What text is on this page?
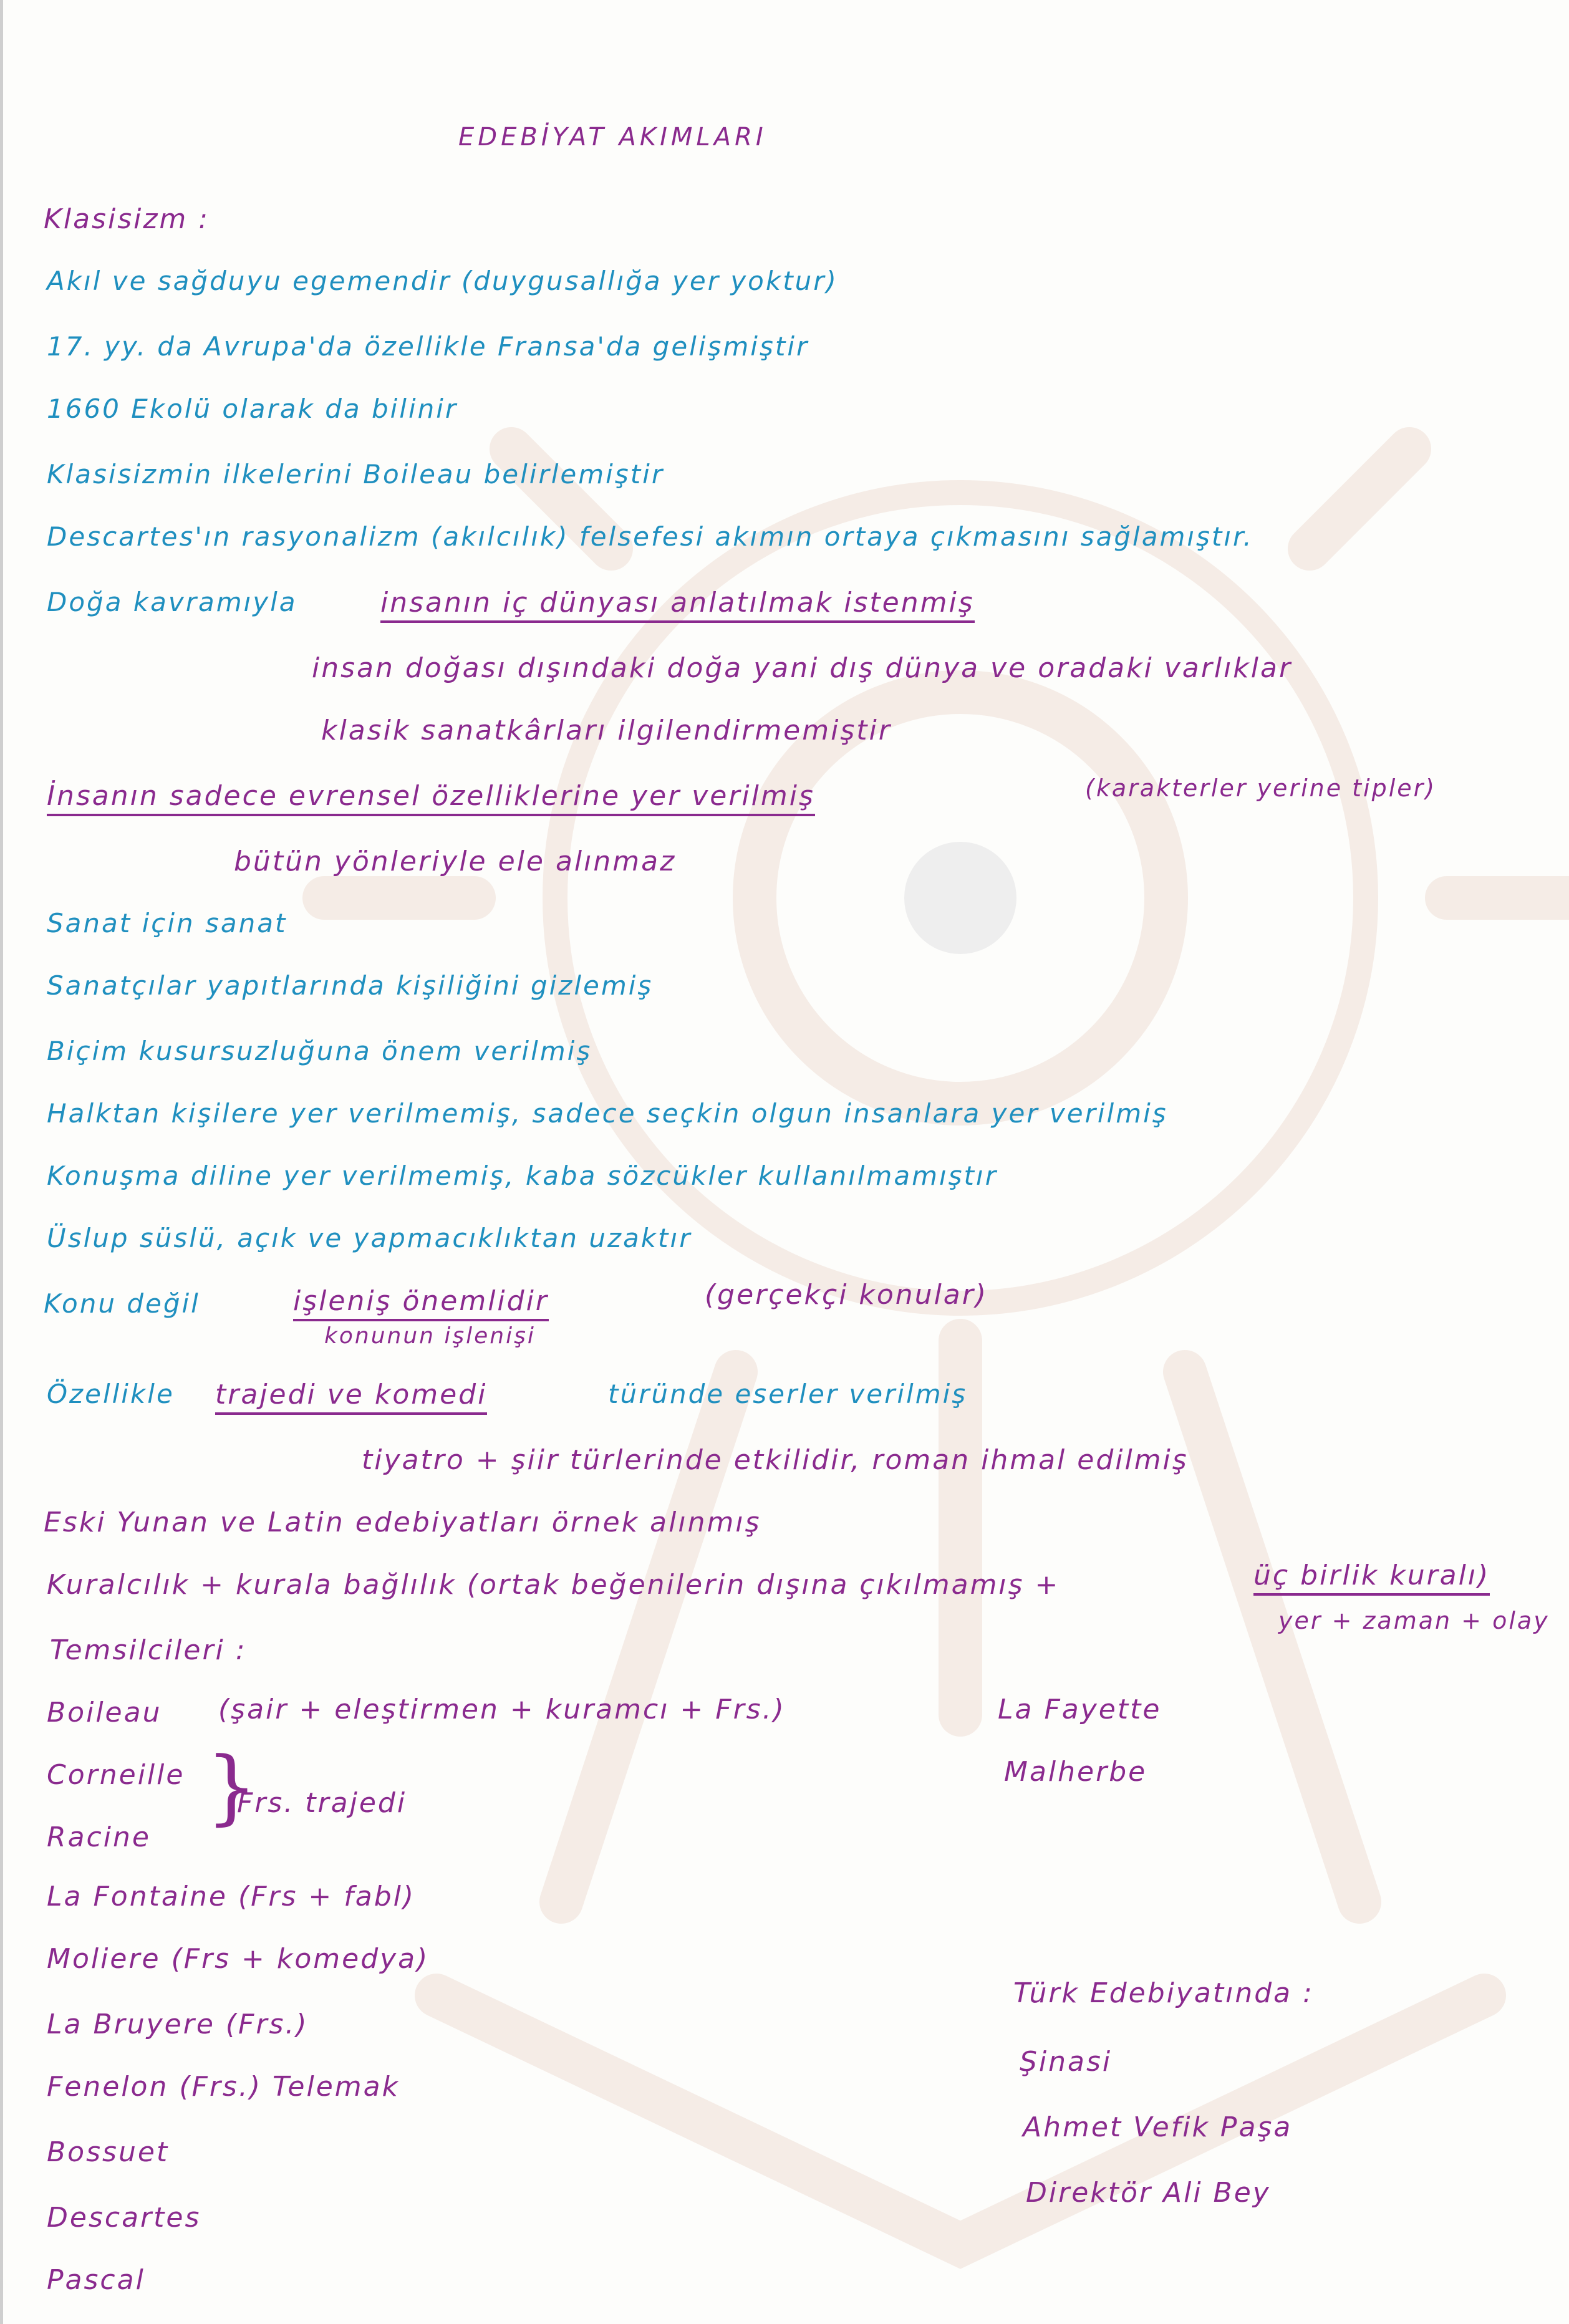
EDEBİYAT AKIMLARI
Klasisizm :
Akıl ve sağduyu egemendir (duygusallığa yer yoktur)
17. yy. da Avrupa'da özellikle Fransa'da gelişmiştir
1660 Ekolü olarak da bilinir
Klasisizmin ilkelerini Boileau belirlemiştir
Descartes'ın rasyonalizm (akılcılık) felsefesi akımın ortaya çıkmasını sağlamıştır.
Doğa kavramıyla	insanın iç dünyası anlatılmak istenmiş
insan doğası dışındaki doğa yani dış dünya ve oradaki varlıklar
klasik sanatkârları ilgilendirmemiştir
İnsanın sadece evrensel özelliklerine yer verilmiş	(karakterler yerine tipler)
bütün yönleriyle ele alınmaz
Sanat için sanat
Sanatçılar yapıtlarında kişiliğini gizlemiş
Biçim kusursuzluğuna önem verilmiş
Halktan kişilere yer verilmemiş, sadece seçkin olgun insanlara yer verilmiş
Konuşma diline yer verilmemiş, kaba sözcükler kullanılmamıştır
Üslup süslü, açık ve yapmacıklıktan uzaktır
Konu değil	işleniş önemlidir	(gerçekçi konular)
konunun işlenişi
Özellikle trajedi ve komedi	türünde eserler verilmiş
tiyatro + şiir türlerinde etkilidir, roman ihmal edilmiş
Eski Yunan ve Latin edebiyatları örnek alınmış
Kuralcılık + kurala bağlılık (ortak beğenilerin dışına çıkılmamış +	üç birlik kuralı)
yer + zaman + olay
Temsilcileri :
Boileau (şair + eleştirmen + kuramcı + Frs.)
Corneille
Racine
}
Frs. trajedi
La Fontaine (Frs + fabl)
Moliere (Frs + komedya)
La Bruyere (Frs.)
Fenelon (Frs.) Telemak
Bossuet
Descartes
Pascal
La Fayette
Malherbe
Türk Edebiyatında :
Şinasi
Ahmet Vefik Paşa
Direktör Ali Bey
